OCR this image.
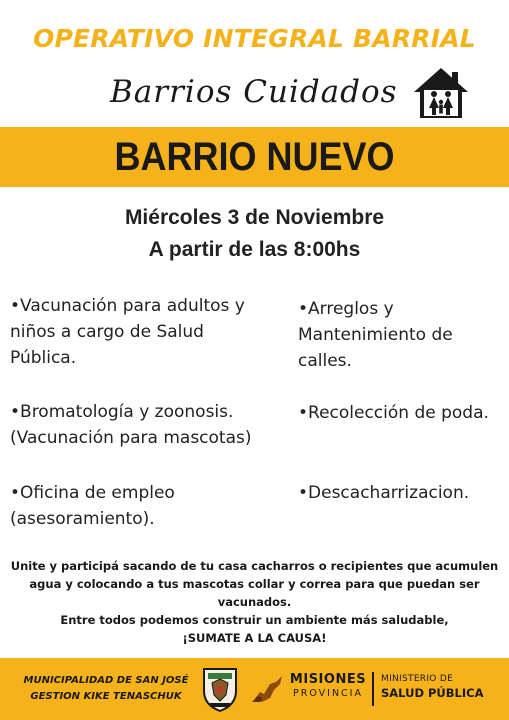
OPERATIVO INTEGRAL BARRIAL
Barrios Cuidados
BARRIO NUEVO
Miércoles 3 de Noviembre
A partir de las 8:00hs
•Vacunación para adultos y
niños a cargo de Salud
Pública.
•Bromatología y zoonosis.
(Vacunación para mascotas)
•Oficina de empleo
(asesoramiento).
•Arreglos y
Mantenimiento de
calles.
•Recolección de poda.
•Descacharrizacion.
Unite y participá sacando de tu casa cacharros o recipientes que acumulen
agua y colocando a tus mascotas collar y correa para que puedan ser
vacunados.
Entre todos podemos construir un ambiente más saludable,
¡SUMATE A LA CAUSA!
MUNICIPALIDAD DE SAN JOSÉ
GESTION KIKE TENASCHUK
MISIONES
PROVINCIA
MINISTERIO DE
SALUD PÚBLICA
